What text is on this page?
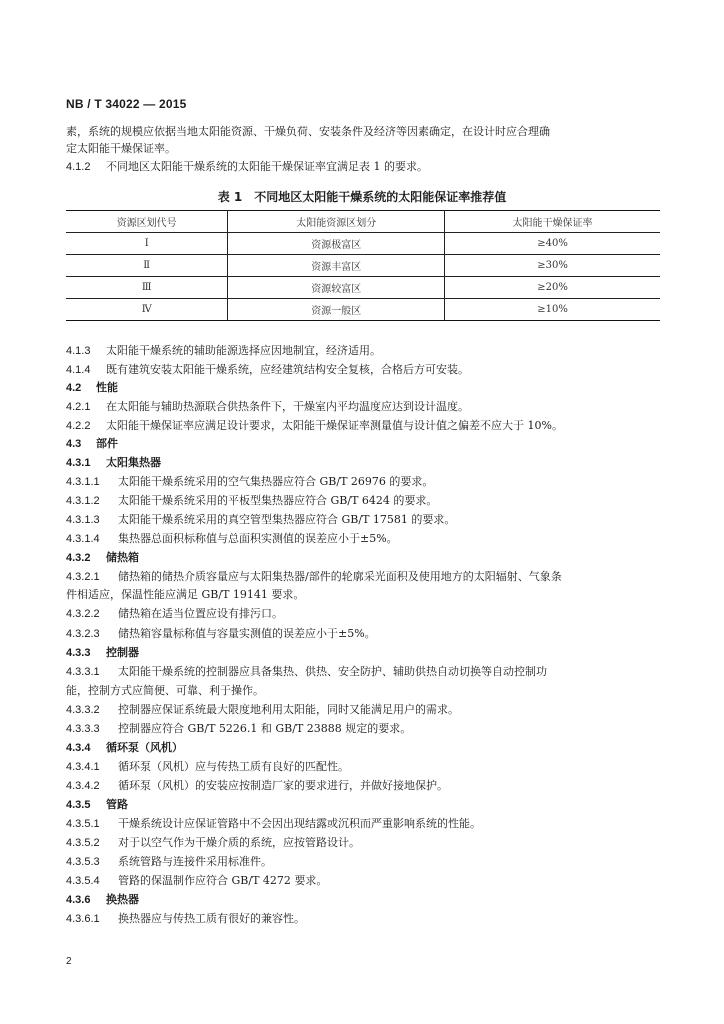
NB / T 34022 — 2015
素，系统的规模应依据当地太阳能资源、干燥负荷、安装条件及经济等因素确定，在设计时应合理确
定太阳能干燥保证率。
4.1.2 不同地区太阳能干燥系统的太阳能干燥保证率宜满足表 1 的要求。
表 1　不同地区太阳能干燥系统的太阳能保证率推荐值
资源区划代号	太阳能资源区划分	太阳能干燥保证率
Ⅰ	资源极富区	≥40%
Ⅱ	资源丰富区	≥30%
Ⅲ	资源较富区	≥20%
Ⅳ	资源一般区	≥10%
4.1.3 太阳能干燥系统的辅助能源选择应因地制宜，经济适用。
4.1.4 既有建筑安装太阳能干燥系统，应经建筑结构安全复核，合格后方可安装。
4.2 性能
4.2.1 在太阳能与辅助热源联合供热条件下，干燥室内平均温度应达到设计温度。
4.2.2 太阳能干燥保证率应满足设计要求，太阳能干燥保证率测量值与设计值之偏差不应大于 10%。
4.3 部件
4.3.1 太阳集热器
4.3.1.1 太阳能干燥系统采用的空气集热器应符合 GB/T 26976 的要求。
4.3.1.2 太阳能干燥系统采用的平板型集热器应符合 GB/T 6424 的要求。
4.3.1.3 太阳能干燥系统采用的真空管型集热器应符合 GB/T 17581 的要求。
4.3.1.4 集热器总面积标称值与总面积实测值的误差应小于±5%。
4.3.2 储热箱
4.3.2.1 储热箱的储热介质容量应与太阳集热器/部件的轮廓采光面积及使用地方的太阳辐射、气象条
件相适应，保温性能应满足 GB/T 19141 要求。
4.3.2.2 储热箱在适当位置应设有排污口。
4.3.2.3 储热箱容量标称值与容量实测值的误差应小于±5%。
4.3.3 控制器
4.3.3.1 太阳能干燥系统的控制器应具备集热、供热、安全防护、辅助供热自动切换等自动控制功
能，控制方式应简便、可靠、利于操作。
4.3.3.2 控制器应保证系统最大限度地利用太阳能，同时又能满足用户的需求。
4.3.3.3 控制器应符合 GB/T 5226.1 和 GB/T 23888 规定的要求。
4.3.4 循环泵（风机）
4.3.4.1 循环泵（风机）应与传热工质有良好的匹配性。
4.3.4.2 循环泵（风机）的安装应按制造厂家的要求进行，并做好接地保护。
4.3.5 管路
4.3.5.1 干燥系统设计应保证管路中不会因出现结露或沉积而严重影响系统的性能。
4.3.5.2 对于以空气作为干燥介质的系统，应按管路设计。
4.3.5.3 系统管路与连接件采用标准件。
4.3.5.4 管路的保温制作应符合 GB/T 4272 要求。
4.3.6 换热器
4.3.6.1 换热器应与传热工质有很好的兼容性。
2
